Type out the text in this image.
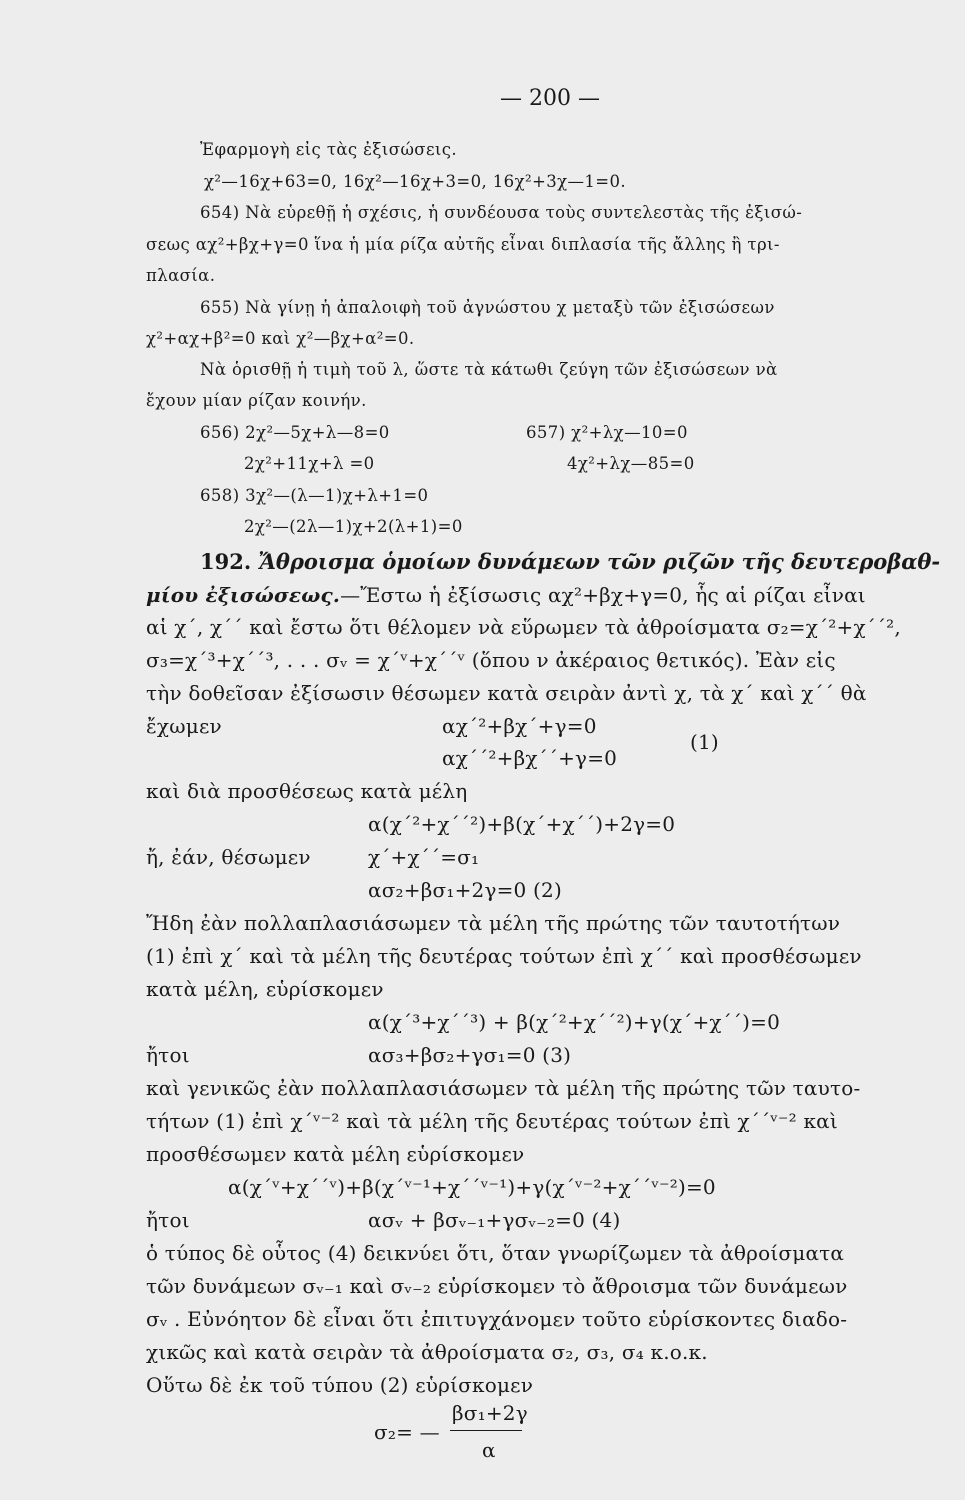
— 200 —
Ἐφαρμογὴ εἰς τὰς ἐξισώσεις.
χ²—16χ+63=0, 16χ²—16χ+3=0, 16χ²+3χ—1=0.
654) Νὰ εὑρεθῇ ἡ σχέσις, ἡ συνδέουσα τοὺς συντελεστὰς τῆς ἐξισώ-
σεως αχ²+βχ+γ=0 ἵνα ἡ μία ρίζα αὐτῆς εἶναι διπλασία τῆς ἄλλης ἢ τρι-
πλασία.
655) Νὰ γίνῃ ἡ ἀπαλοιφὴ τοῦ ἀγνώστου χ μεταξὺ τῶν ἐξισώσεων
χ²+αχ+β²=0 καὶ χ²—βχ+α²=0.
Νὰ ὁρισθῇ ἡ τιμὴ τοῦ λ, ὥστε τὰ κάτωθι ζεύγη τῶν ἐξισώσεων νὰ
ἔχουν μίαν ρίζαν κοινήν.
656) 2χ²—5χ+λ—8=0	657) χ²+λχ—10=0
2χ²+11χ+λ =0	4χ²+λχ—85=0
658) 3χ²—(λ—1)χ+λ+1=0
2χ²—(2λ—1)χ+2(λ+1)=0
192. Ἄθροισμα ὁμοίων δυνάμεων τῶν ριζῶν τῆς δευτεροβαθ-
μίου ἐξισώσεως.—Ἔστω ἡ ἐξίσωσις αχ²+βχ+γ=0, ἧς αἱ ρίζαι εἶναι
αἱ χ΄, χ΄΄ καὶ ἔστω ὅτι θέλομεν νὰ εὕρωμεν τὰ ἀθροίσματα σ₂=χ΄²+χ΄΄²,
σ₃=χ΄³+χ΄΄³, . . . σᵥ = χ΄ᵛ+χ΄΄ᵛ (ὅπου ν ἀκέραιος θετικός). Ἐὰν εἰς
τὴν δοθεῖσαν ἐξίσωσιν θέσωμεν κατὰ σειρὰν ἀντὶ χ, τὰ χ΄ καὶ χ΄΄ θὰ
ἔχωμεν	αχ΄²+βχ΄+γ=0
αχ΄΄²+βχ΄΄+γ=0
(1)
καὶ διὰ προσθέσεως κατὰ μέλη
α(χ΄²+χ΄΄²)+β(χ΄+χ΄΄)+2γ=0
ἤ, ἐάν, θέσωμεν	χ΄+χ΄΄=σ₁
ασ₂+βσ₁+2γ=0 (2)
Ἤδη ἐὰν πολλαπλασιάσωμεν τὰ μέλη τῆς πρώτης τῶν ταυτοτήτων
(1) ἐπὶ χ΄ καὶ τὰ μέλη τῆς δευτέρας τούτων ἐπὶ χ΄΄ καὶ προσθέσωμεν
κατὰ μέλη, εὑρίσκομεν
α(χ΄³+χ΄΄³) + β(χ΄²+χ΄΄²)+γ(χ΄+χ΄΄)=0
ἤτοι	ασ₃+βσ₂+γσ₁=0 (3)
καὶ γενικῶς ἐὰν πολλαπλασιάσωμεν τὰ μέλη τῆς πρώτης τῶν ταυτο-
τήτων (1) ἐπὶ χ΄ᵛ⁻² καὶ τὰ μέλη τῆς δευτέρας τούτων ἐπὶ χ΄΄ᵛ⁻² καὶ
προσθέσωμεν κατὰ μέλη εὑρίσκομεν
α(χ΄ᵛ+χ΄΄ᵛ)+β(χ΄ᵛ⁻¹+χ΄΄ᵛ⁻¹)+γ(χ΄ᵛ⁻²+χ΄΄ᵛ⁻²)=0
ἤτοι	ασᵥ + βσᵥ₋₁+γσᵥ₋₂=0 (4)
ὁ τύπος δὲ οὗτος (4) δεικνύει ὅτι, ὅταν γνωρίζωμεν τὰ ἀθροίσματα
τῶν δυνάμεων σᵥ₋₁ καὶ σᵥ₋₂ εὑρίσκομεν τὸ ἄθροισμα τῶν δυνάμεων
σᵥ . Εὐνόητον δὲ εἶναι ὅτι ἐπιτυγχάνομεν τοῦτο εὑρίσκοντες διαδο-
χικῶς καὶ κατὰ σειρὰν τὰ ἀθροίσματα σ₂, σ₃, σ₄ κ.ο.κ.
Οὕτω δὲ ἐκ τοῦ τύπου (2) εὑρίσκομεν
σ₂= —
βσ₁+2γ
α
